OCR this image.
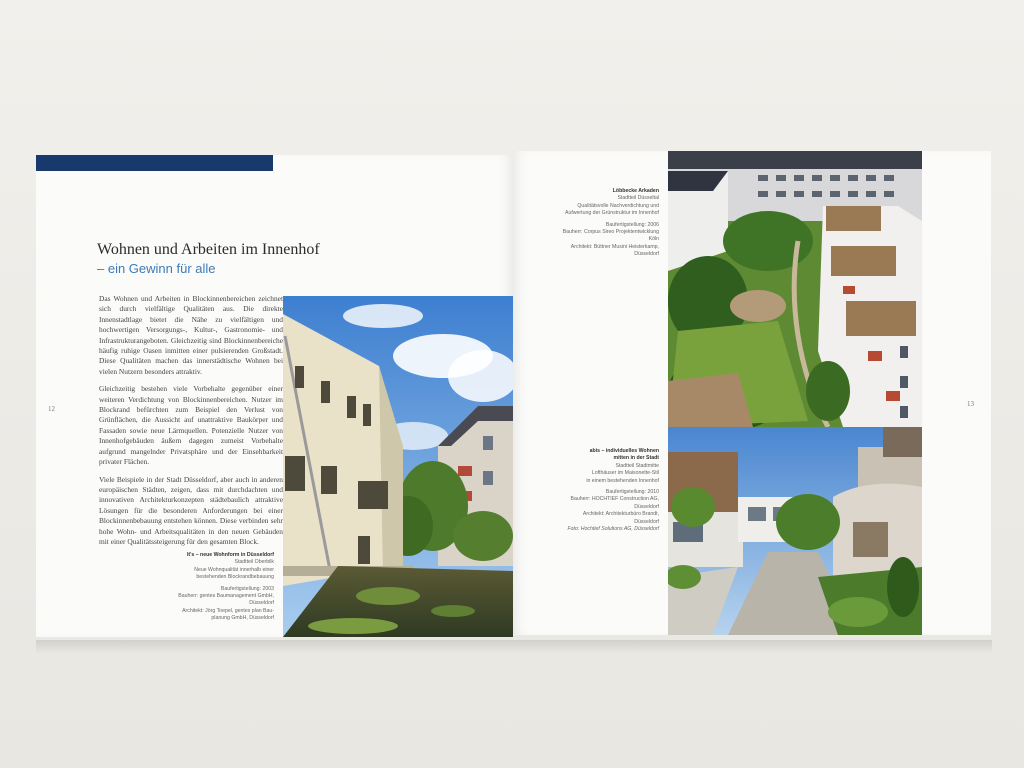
12
Wohnen und Arbeiten im Innenhof
– ein Gewinn für alle

Das Wohnen und Arbeiten in Blockinnenbereichen zeichnet sich durch vielfältige Qualitäten aus. Die direkte Innenstadtlage bietet die Nähe zu vielfältigen und hochwertigen Versorgungs-, Kultur-, Gastronomie- und Infrastrukturangeboten. Gleichzeitig sind Blockinnenbereiche häufig ruhige Oasen inmitten einer pulsierenden Großstadt. Diese Qualitäten machen das innerstädtische Wohnen bei vielen Nutzern besonders attraktiv.

Gleichzeitig bestehen viele Vorbehalte gegenüber einer weiteren Verdichtung von Blockinnenbereichen. Nutzer im Blockrand befürchten zum Beispiel den Verlust von Grünflächen, die Aussicht auf unattraktive Baukörper und Fassaden sowie neue Lärmquellen. Potenzielle Nutzer von Innenhofgebäuden äußern dagegen zumeist Vorbehalte aufgrund mangelnder Privatsphäre und der Einsehbarkeit privater Flächen.

Viele Beispiele in der Stadt Düsseldorf, aber auch in anderen europäischen Städten, zeigen, dass mit durchdachten und innovativen Architekturkonzepten städtebaulich attraktive Lösungen für die besonderen Anforderungen bei einer Blockinnenbebauung entstehen können. Diese verbinden sehr hohe Wohn- und Arbeitsqualitäten in den neuen Gebäuden mit einer Qualitätssteigerung für den gesamten Block.

It's – neue Wohnform in Düsseldorf
Stadtteil Oberbilk
Neue Wohnqualität innerhalb einer
bestehenden Blockrandbebauung
Baufertigstellung: 2003
Bauherr: gentes Baumanagement GmbH,
Düsseldorf
Architekt: Jörg Toepel, gentes plan Bau-
planung GmbH, Düsseldorf
13
Löbbecke Arkaden
Stadtteil Düsseltal
Qualitätsvolle Nachverdichtung und
Aufwertung der Grünstruktur im Innenhof
Baufertigstellung: 2006
Bauherr: Corpus Sireo Projektentwicklung
Köln
Architekt: Büttner Musini Heisterkamp,
Düsseldorf
abis – individuelles Wohnen
mitten in der Stadt
Stadtteil Stadtmitte
Lofthäuser im Maisonette-Stil
in einem bestehenden Innenhof
Baufertigstellung: 2010
Bauherr: HOCHTIEF Construction AG,
Düsseldorf
Architekt: Architekturbüro Brandt,
Düsseldorf
Foto: Hochtief Solutions AG, Düsseldorf
